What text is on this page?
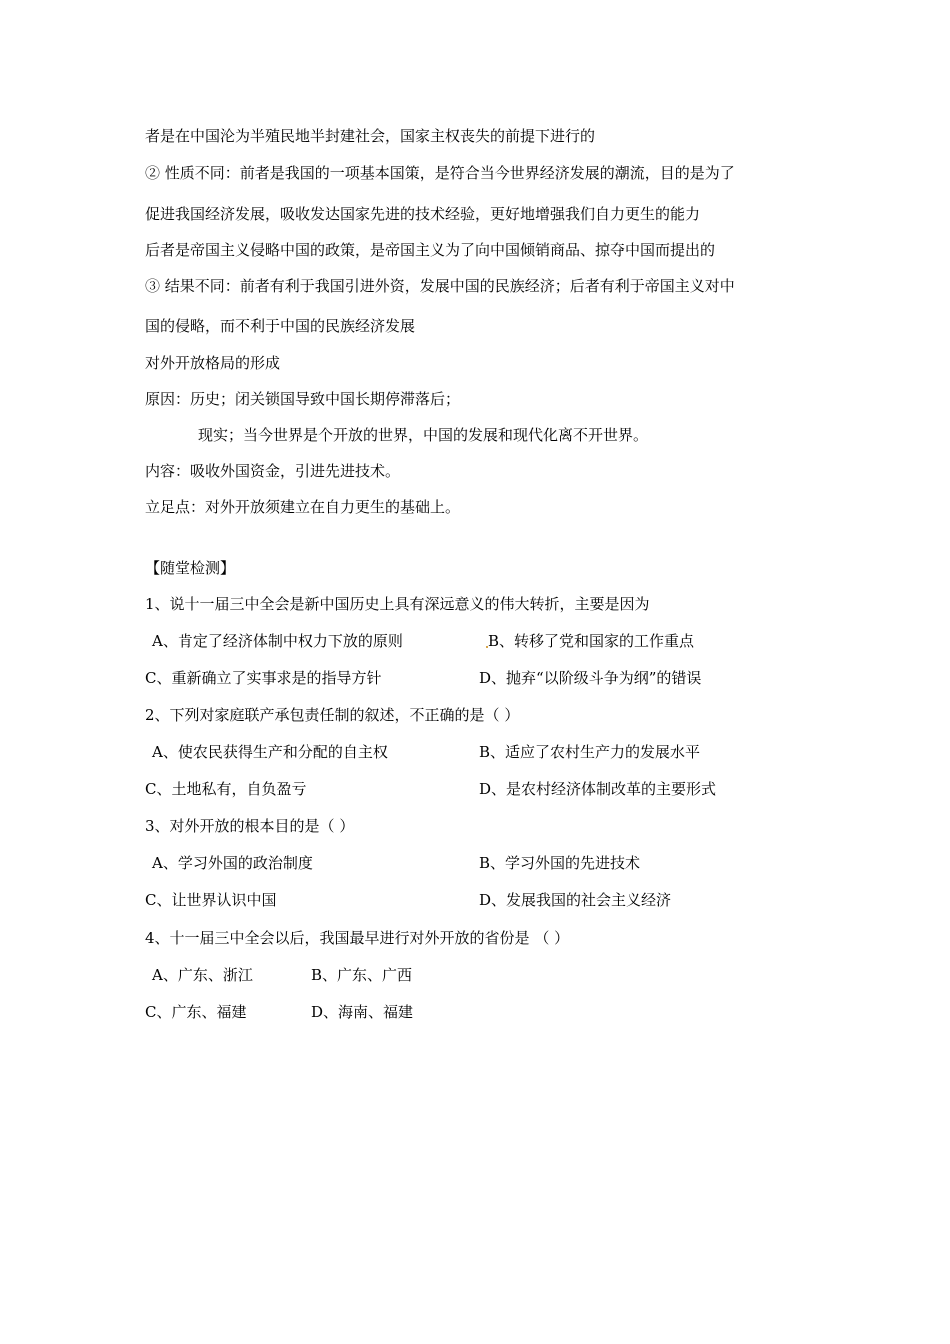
者是在中国沦为半殖民地半封建社会，国家主权丧失的前提下进行的
② 性质不同：前者是我国的一项基本国策，是符合当今世界经济发展的潮流，目的是为了
促进我国经济发展，吸收发达国家先进的技术经验，更好地增强我们自力更生的能力
后者是帝国主义侵略中国的政策，是帝国主义为了向中国倾销商品、掠夺中国而提出的
③ 结果不同：前者有利于我国引进外资，发展中国的民族经济；后者有利于帝国主义对中
国的侵略，而不利于中国的民族经济发展
对外开放格局的形成
原因：历史；闭关锁国导致中国长期停滞落后；
现实；当今世界是个开放的世界，中国的发展和现代化离不开世界。
内容：吸收外国资金，引进先进技术。
立足点：对外开放须建立在自力更生的基础上。
【随堂检测】
1、说十一届三中全会是新中国历史上具有深远意义的伟大转折，主要是因为
A、肯定了经济体制中权力下放的原则	B、转移了党和国家的工作重点
C、重新确立了实事求是的指导方针	D、抛弃“以阶级斗争为纲”的错误
2、下列对家庭联产承包责任制的叙述，不正确的是（ ）
A、使农民获得生产和分配的自主权	B、适应了农村生产力的发展水平
C、土地私有，自负盈亏	D、是农村经济体制改革的主要形式
3、对外开放的根本目的是（ ）
A、学习外国的政治制度	B、学习外国的先进技术
C、让世界认识中国	D、发展我国的社会主义经济
4、十一届三中全会以后，我国最早进行对外开放的省份是 （ ）
A、广东、浙江	B、广东、广西
C、广东、福建	D、海南、福建
